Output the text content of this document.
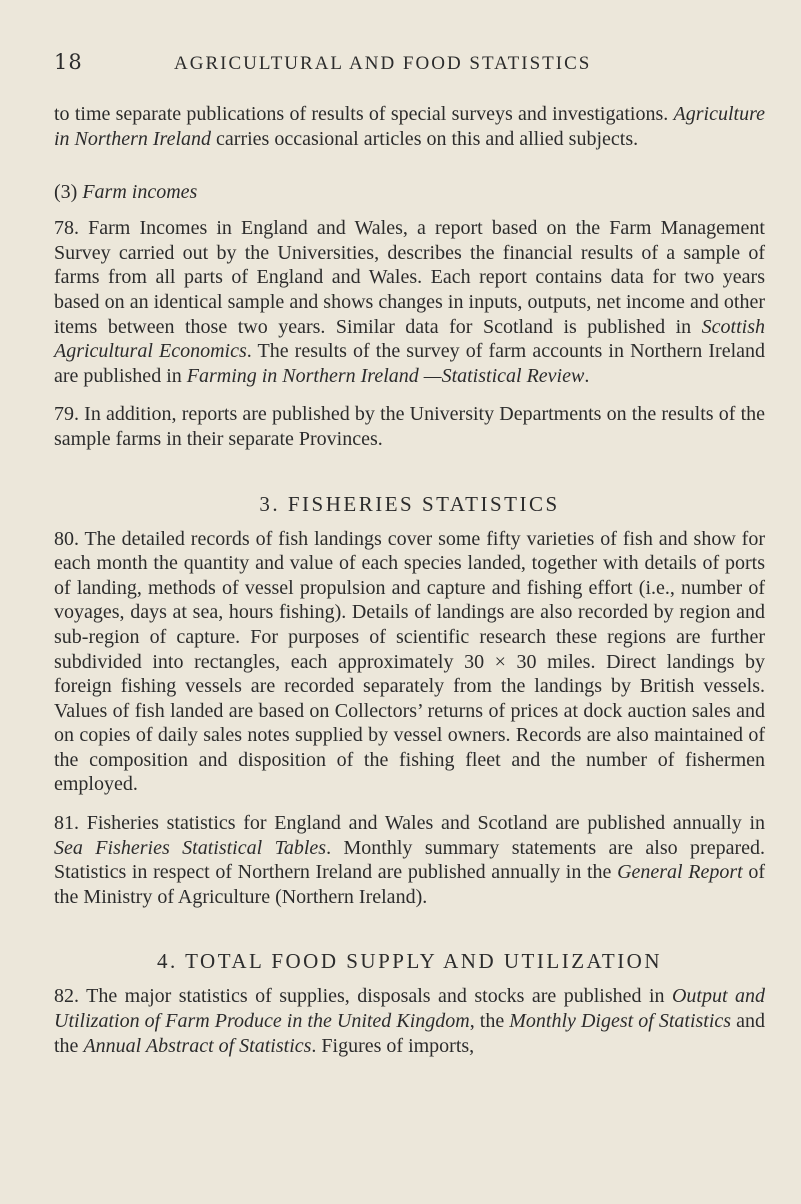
18	AGRICULTURAL AND FOOD STATISTICS

to time separate publications of results of special surveys and investigations. Agriculture in Northern Ireland carries occasional articles on this and allied subjects.

(3) Farm incomes

78. Farm Incomes in England and Wales, a report based on the Farm Management Survey carried out by the Universities, describes the financial results of a sample of farms from all parts of England and Wales. Each report contains data for two years based on an identical sample and shows changes in inputs, outputs, net income and other items between those two years. Similar data for Scotland is published in Scottish Agricultural Economics. The results of the survey of farm accounts in Northern Ireland are published in Farming in Northern Ireland —Statistical Review.

79. In addition, reports are published by the University Departments on the results of the sample farms in their separate Provinces.

3. FISHERIES STATISTICS

80. The detailed records of fish landings cover some fifty varieties of fish and show for each month the quantity and value of each species landed, together with details of ports of landing, methods of vessel propulsion and capture and fishing effort (i.e., number of voyages, days at sea, hours fishing). Details of landings are also recorded by region and sub-region of capture. For purposes of scientific research these regions are further subdivided into rectangles, each approximately 30 × 30 miles. Direct landings by foreign fishing vessels are recorded separately from the landings by British vessels. Values of fish landed are based on Collectors’ returns of prices at dock auction sales and on copies of daily sales notes supplied by vessel owners. Records are also maintained of the composition and disposition of the fishing fleet and the number of fishermen employed.

81. Fisheries statistics for England and Wales and Scotland are published annually in Sea Fisheries Statistical Tables. Monthly summary statements are also prepared. Statistics in respect of Northern Ireland are published annually in the General Report of the Ministry of Agriculture (Northern Ireland).

4. TOTAL FOOD SUPPLY AND UTILIZATION

82. The major statistics of supplies, disposals and stocks are published in Output and Utilization of Farm Produce in the United Kingdom, the Monthly Digest of Statistics and the Annual Abstract of Statistics. Figures of imports,
